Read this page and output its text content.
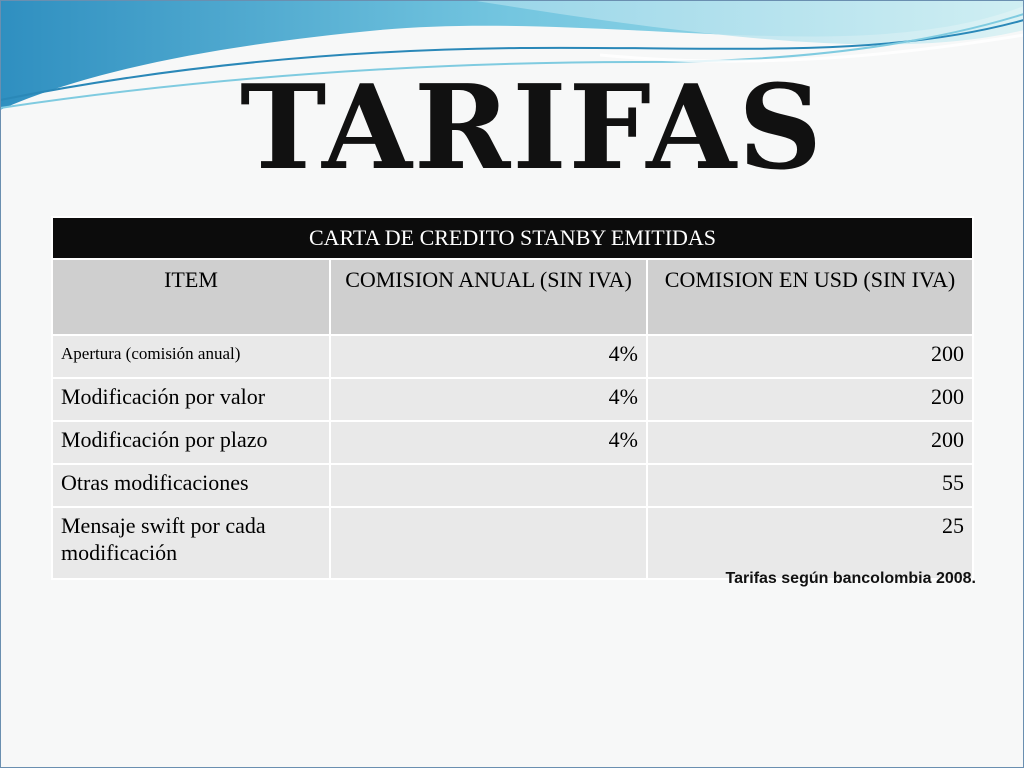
TARIFAS
CARTA DE CREDITO STANBY EMITIDAS		
ITEM	COMISION ANUAL (SIN IVA)	COMISION EN USD (SIN IVA)
Apertura (comisión anual)	4%	200
Modificación por valor	4%	200
Modificación por plazo	4%	200
Otras modificaciones		55
Mensaje swift por cada modificación		25

Tarifas según bancolombia 2008.
